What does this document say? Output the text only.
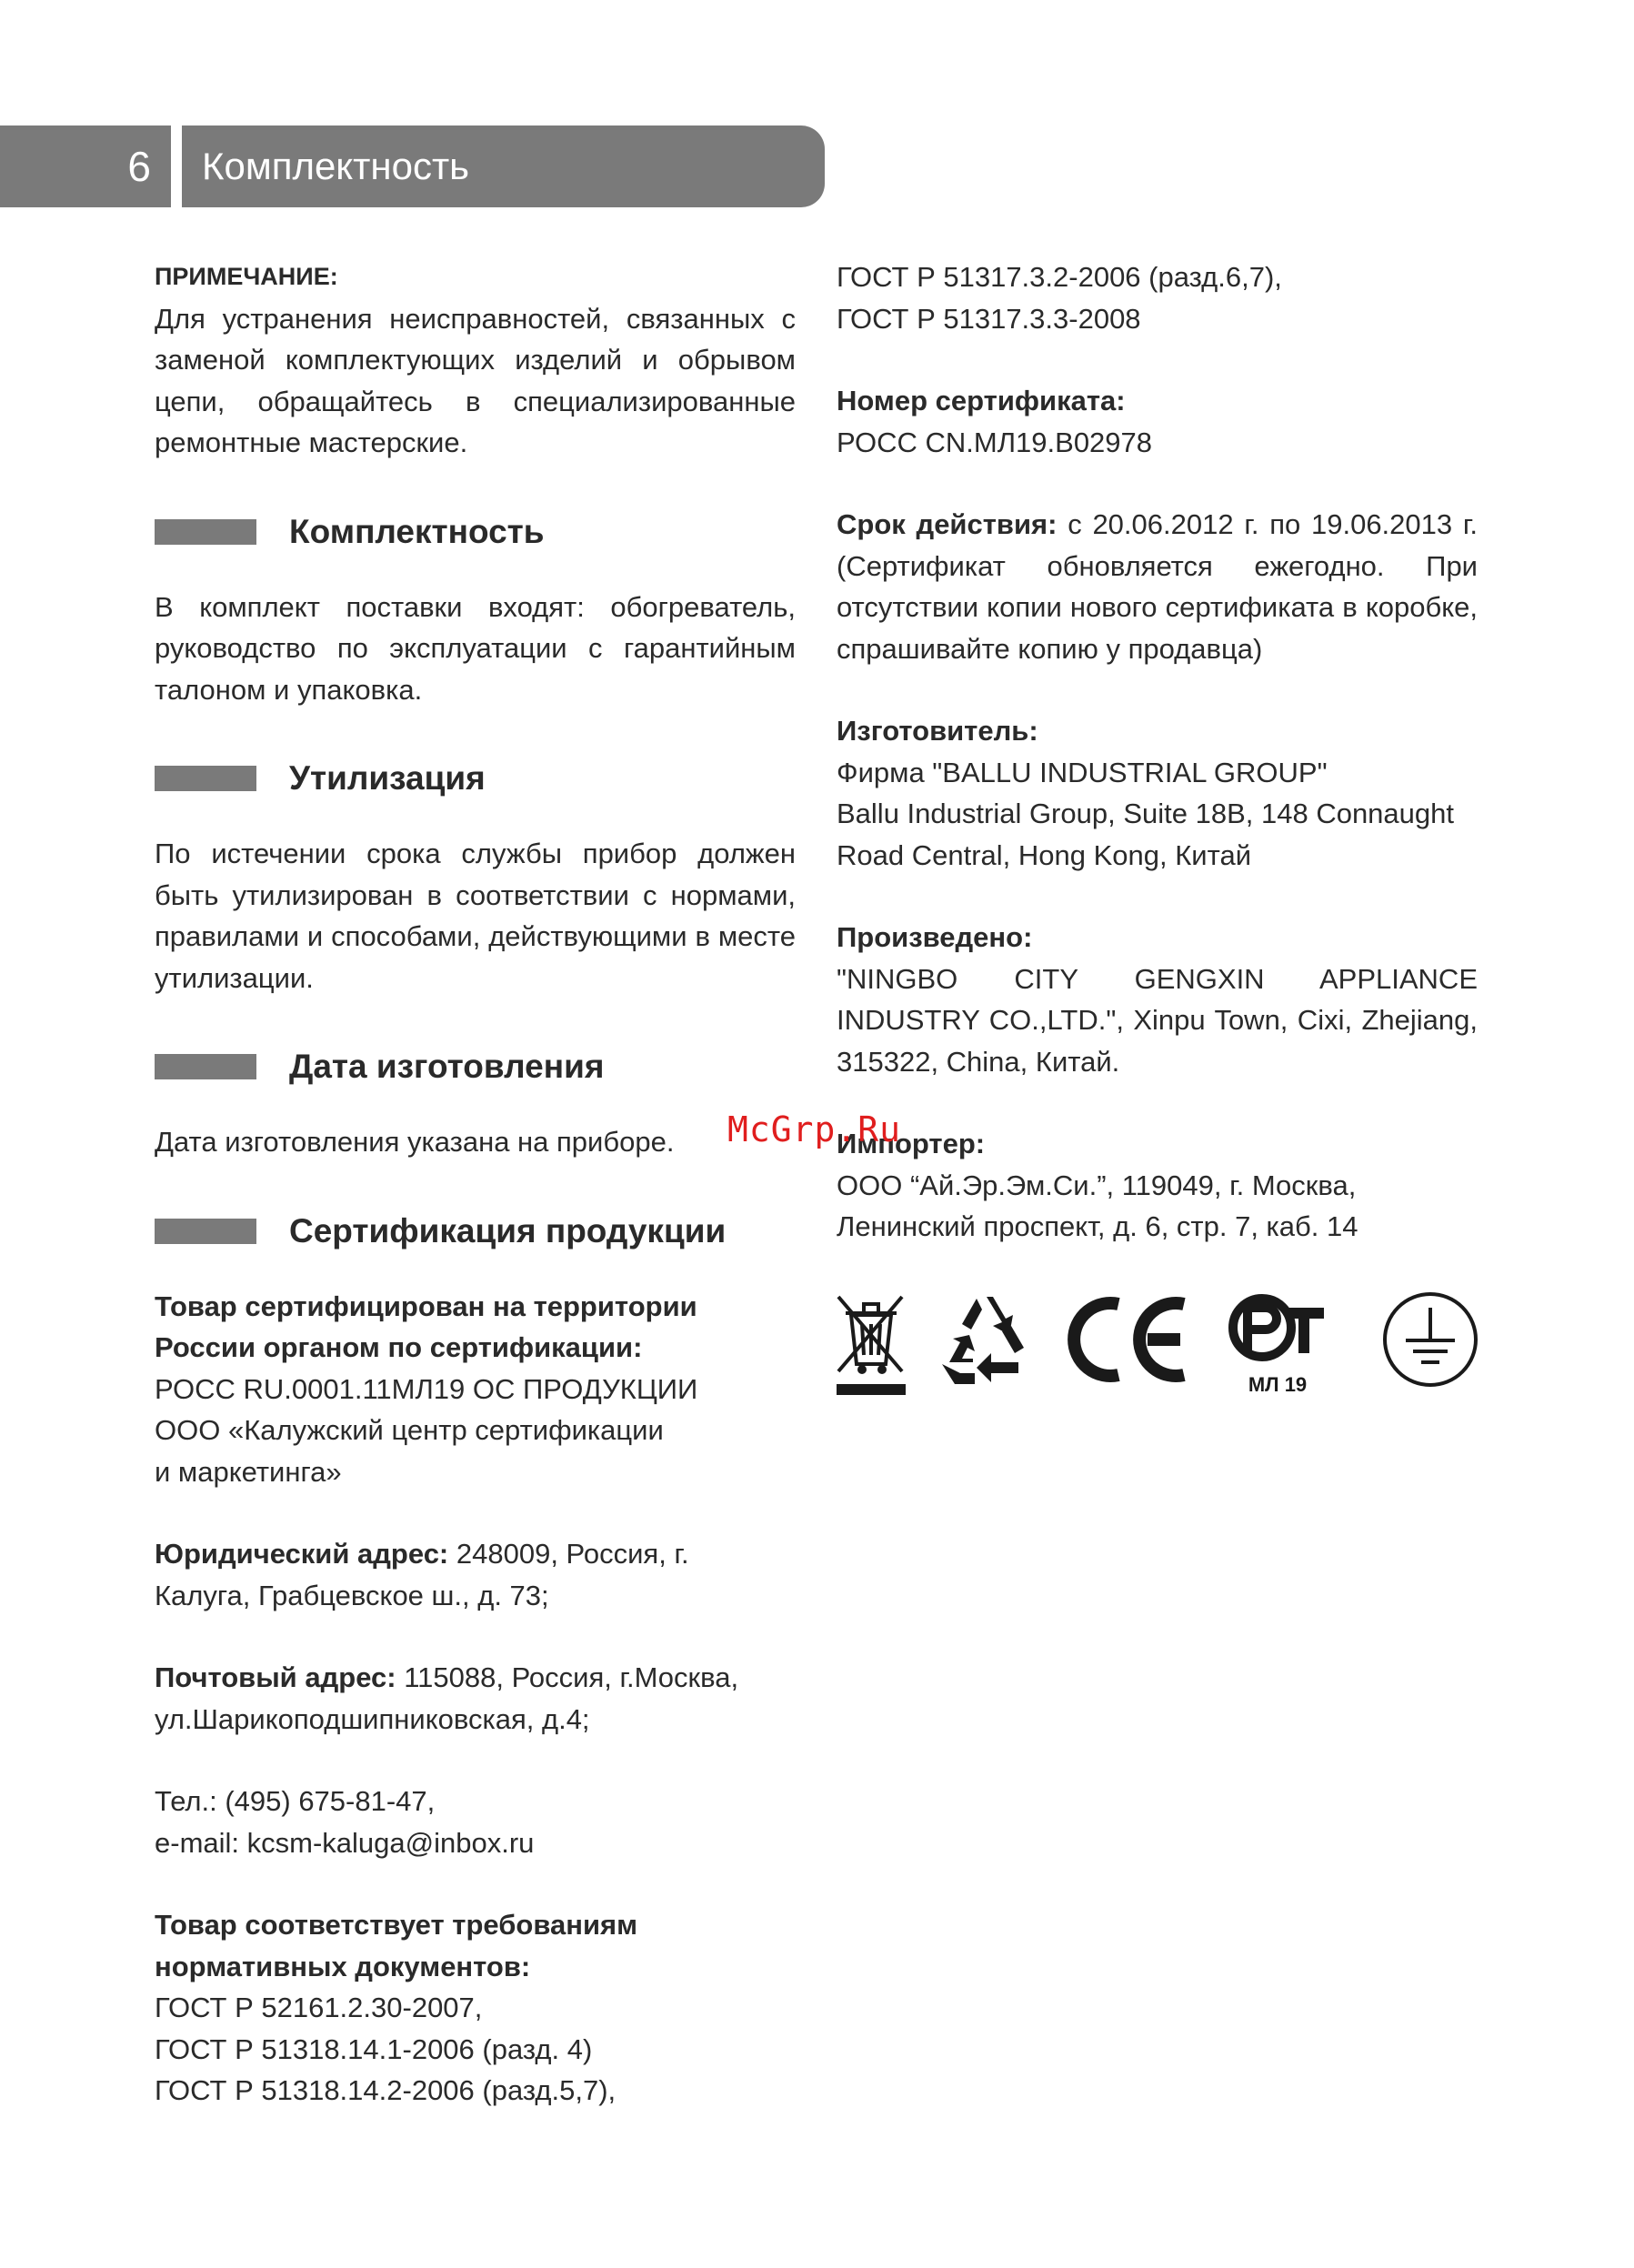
6	Комплектность

ПРИМЕЧАНИЕ:

Для устранения неисправностей, связанных с заменой комплектующих изделий и обрывом цепи, обращайтесь в специализированные ремонтные мастерские.

Комплектность

В комплект поставки входят: обогреватель, руководство по эксплуатации с гарантийным талоном и упаковка.

Утилизация

По истечении срока службы прибор должен быть утилизирован в соответствии с нормами, правилами и способами, действующими в месте утилизации.

Дата изготовления

Дата изготовления указана на приборе.

Сертификация продукции

Товар сертифицирован на территории

России органом по сертификации:

РОСС RU.0001.11МЛ19 ОС ПРОДУКЦИИ

ООО «Калужский центр сертификации

и маркетинга»

Юридический адрес: 248009, Россия, г.

Калуга, Грабцевское ш., д. 73;

Почтовый адрес: 115088, Россия, г.Москва,

ул.Шарикоподшипниковская, д.4;

Тел.: (495) 675-81-47,

e-mail: kcsm-kaluga@inbox.ru

Товар соответствует требованиям

нормативных документов:

ГОСТ Р 52161.2.30-2007,

ГОСТ Р 51318.14.1-2006 (разд. 4)

ГОСТ Р 51318.14.2-2006 (разд.5,7),

ГОСТ Р 51317.3.2-2006 (разд.6,7),

ГОСТ Р 51317.3.3-2008

Номер сертификата:

РОСС CN.МЛ19.В02978

Срок действия: с 20.06.2012 г. по 19.06.2013 г. (Сертификат обновляется ежегодно. При отсутствии копии нового сертификата в коробке, спрашивайте копию у продавца)

Изготовитель:

Фирма "BALLU INDUSTRIAL GROUP"

Ballu Industrial Group, Suite 18B, 148 Connaught

Road Central, Hong Kong, Китай

Произведено:

"NINGBO CITY GENGXIN APPLIANCE INDUSTRY CO.,LTD.", Xinpu Town, Cixi, Zhejiang, 315322, China, Китай.

Импортер:

ООО “Ай.Эр.Эм.Си.”, 119049, г. Москва,

Ленинский проспект, д. 6, стр. 7, каб. 14

МЛ 19
McGrp.Ru
